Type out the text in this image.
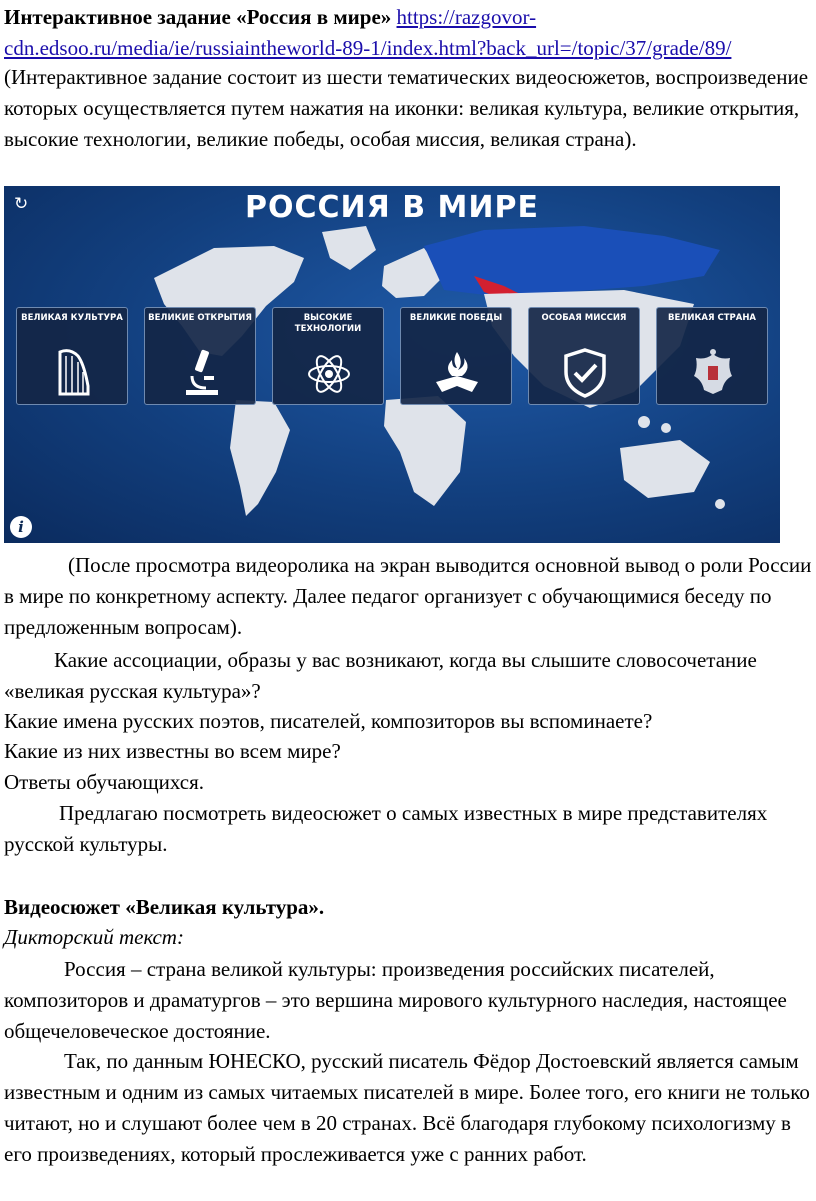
Интерактивное задание «Россия в мире» https://razgovor-cdn.edsoo.ru/media/ie/russiaintheworld-89-1/index.html?back_url=/topic/37/grade/89/

(Интерактивное задание состоит из шести тематических видеосюжетов, воспроизведение которых осуществляется путем нажатия на иконки: великая культура, великие открытия, высокие технологии, великие победы, особая миссия, великая страна).

РОССИЯ В МИРЕ
↻
i
ВЕЛИКАЯ КУЛЬТУРА	ВЕЛИКИЕ ОТКРЫТИЯ	ВЫСОКИЕ ТЕХНОЛОГИИ
ВЕЛИКИЕ ПОБЕДЫ	ОСОБАЯ МИССИЯ	ВЕЛИКАЯ СТРАНА

(После просмотра видеоролика на экран выводится основной вывод о роли России в мире по конкретному аспекту. Далее педагог организует с обучающимися беседу по предложенным вопросам).

Какие ассоциации, образы у вас возникают, когда вы слышите словосочетание «великая русская культура»?

Какие имена русских поэтов, писателей, композиторов вы вспоминаете?

Какие из них известны во всем мире?

Ответы обучающихся.

Предлагаю посмотреть видеосюжет о самых известных в мире представителях русской культуры.

Видеосюжет «Великая культура».

Дикторский текст:

Россия – страна великой культуры: произведения российских писателей, композиторов и драматургов – это вершина мирового культурного наследия, настоящее общечеловеческое достояние.

Так, по данным ЮНЕСКО, русский писатель Фёдор Достоевский является самым известным и одним из самых читаемых писателей в мире. Более того, его книги не только читают, но и слушают более чем в 20 странах. Всё благодаря глубокому психологизму в его произведениях, который прослеживается уже с ранних работ.
